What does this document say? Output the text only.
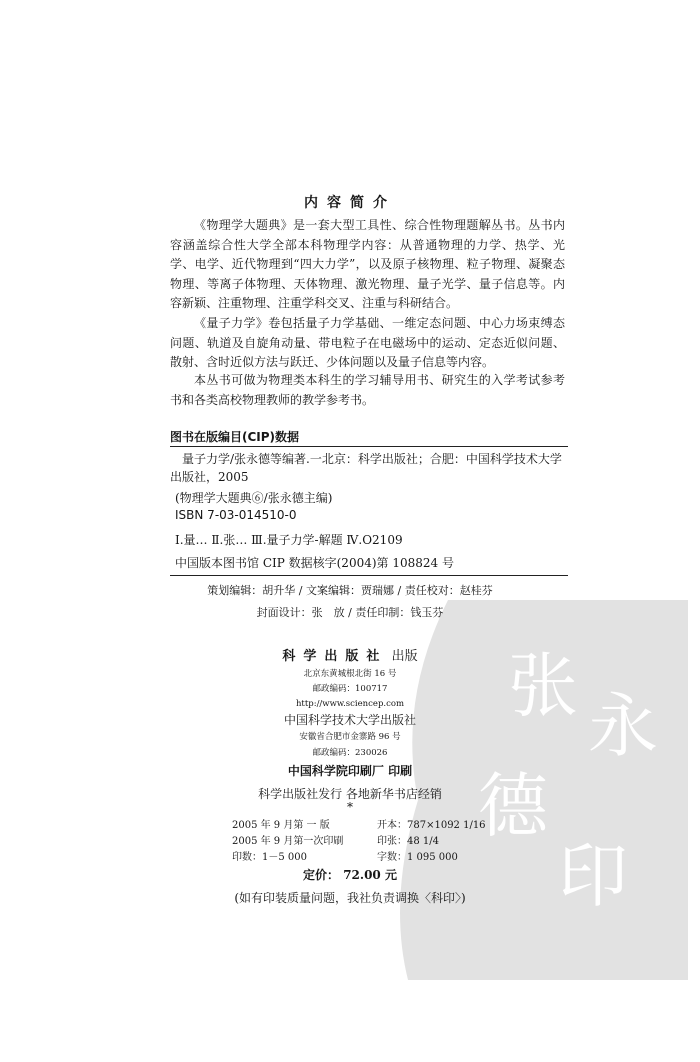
张 永
德
印
内容简介
《物理学大题典》是一套大型工具性、综合性物理题解丛书。丛书内容涵盖综合性大学全部本科物理学内容：从普通物理的力学、热学、光学、电学、近代物理到“四大力学”，以及原子核物理、粒子物理、凝聚态物理、等离子体物理、天体物理、激光物理、量子光学、量子信息等。内容新颖、注重物理、注重学科交叉、注重与科研结合。
《量子力学》卷包括量子力学基础、一维定态问题、中心力场束缚态问题、轨道及自旋角动量、带电粒子在电磁场中的运动、定态近似问题、散射、含时近似方法与跃迁、少体问题以及量子信息等内容。
本丛书可做为物理类本科生的学习辅导用书、研究生的入学考试参考书和各类高校物理教师的教学参考书。
图书在版编目(CIP)数据
量子力学/张永德等编著.一北京：科学出版社；合肥：中国科学技术大学出版社，2005
(物理学大题典⑥/张永德主编)
ISBN 7-03-014510-0
Ⅰ.量… Ⅱ.张… Ⅲ.量子力学-解题 Ⅳ.O2109
中国版本图书馆 CIP 数据核字(2004)第 108824 号
策划编辑：胡升华 / 文案编辑：贾瑞娜 / 责任校对：赵桂芬
封面设计：张　放 / 责任印制：钱玉芬
科学出版社 出版
北京东黄城根北街 16 号
邮政编码：100717
http://www.sciencep.com
中国科学技术大学出版社
安徽省合肥市金寨路 96 号
邮政编码：230026
中国科学院印刷厂 印刷
科学出版社发行 各地新华书店经销
*
2005 年 9 月第 一 版	开本：787×1092 1/16
2005 年 9 月第一次印刷	印张：48 1/4
印数：1－5 000	字数：1 095 000
定价： 72.00 元
(如有印装质量问题，我社负责调换〈科印〉)
